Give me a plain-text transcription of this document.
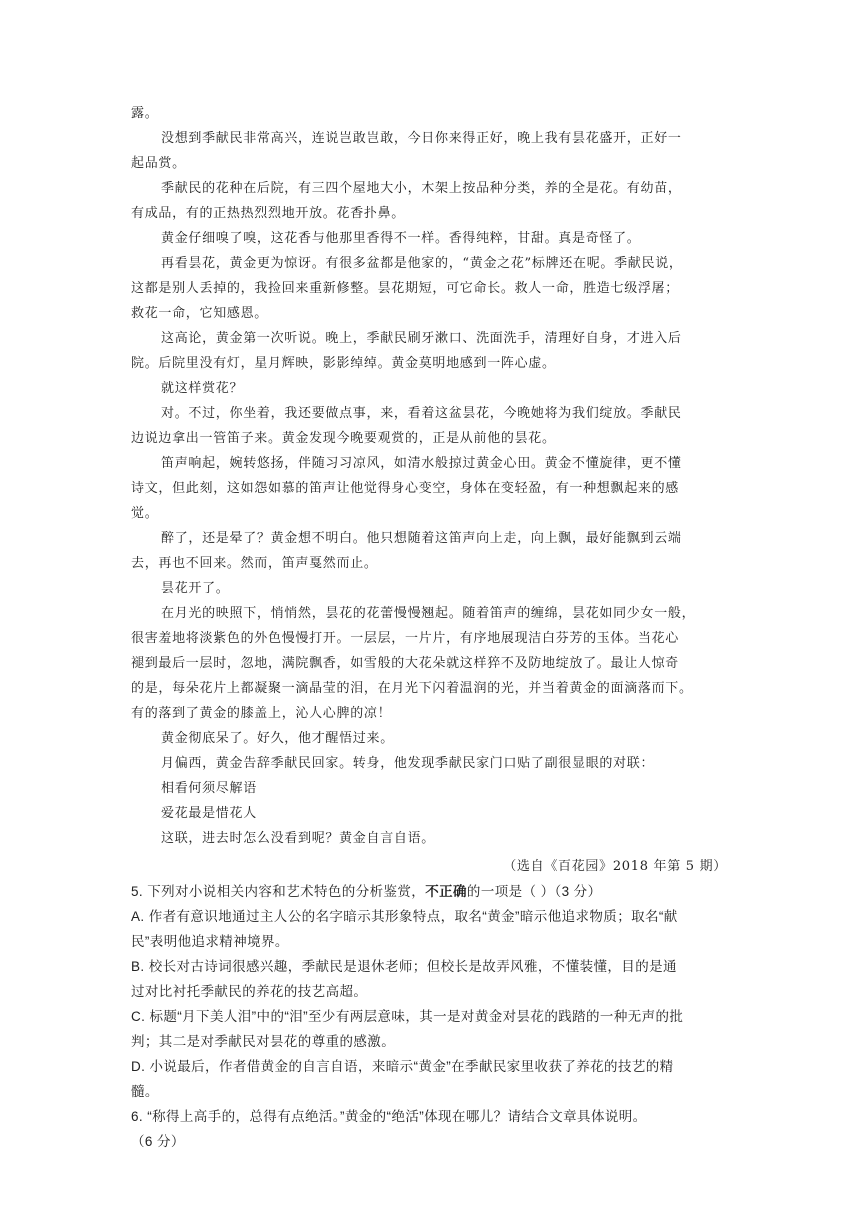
露。
没想到季献民非常高兴，连说岂敢岂敢，今日你来得正好，晚上我有昙花盛开，正好一
起品赏。
季献民的花种在后院，有三四个屋地大小，木架上按品种分类，养的全是花。有幼苗，
有成品，有的正热热烈烈地开放。花香扑鼻。
黄金仔细嗅了嗅，这花香与他那里香得不一样。香得纯粹，甘甜。真是奇怪了。
再看昙花，黄金更为惊讶。有很多盆都是他家的，“黄金之花”标牌还在呢。季献民说，
这都是别人丢掉的，我捡回来重新修整。昙花期短，可它命长。救人一命，胜造七级浮屠；
救花一命，它知感恩。
这高论，黄金第一次听说。晚上，季献民刷牙漱口、洗面洗手，清理好自身，才进入后
院。后院里没有灯，星月辉映，影影绰绰。黄金莫明地感到一阵心虚。
就这样赏花？
对。不过，你坐着，我还要做点事，来，看着这盆昙花，今晚她将为我们绽放。季献民
边说边拿出一管笛子来。黄金发现今晚要观赏的，正是从前他的昙花。
笛声响起，婉转悠扬，伴随习习凉风，如清水般掠过黄金心田。黄金不懂旋律，更不懂
诗文，但此刻，这如怨如慕的笛声让他觉得身心变空，身体在变轻盈，有一种想飘起来的感
觉。
醉了，还是晕了？黄金想不明白。他只想随着这笛声向上走，向上飘，最好能飘到云端
去，再也不回来。然而，笛声戛然而止。
昙花开了。
在月光的映照下，悄悄然，昙花的花蕾慢慢翘起。随着笛声的缠绵，昙花如同少女一般，
很害羞地将淡紫色的外色慢慢打开。一层层，一片片，有序地展现洁白芬芳的玉体。当花心
褪到最后一层时，忽地，满院飘香，如雪般的大花朵就这样猝不及防地绽放了。最让人惊奇
的是，每朵花片上都凝聚一滴晶莹的泪，在月光下闪着温润的光，并当着黄金的面滴落而下。
有的落到了黄金的膝盖上，沁人心脾的凉！
黄金彻底呆了。好久，他才醒悟过来。
月偏西，黄金告辞季献民回家。转身，他发现季献民家门口贴了副很显眼的对联：
相看何须尽解语
爱花最是惜花人
这联，进去时怎么没看到呢？黄金自言自语。
（选自《百花园》2018 年第 5 期）
5. 下列对小说相关内容和艺术特色的分析鉴赏，不正确的一项是（ ）（3 分）
A. 作者有意识地通过主人公的名字暗示其形象特点，取名“黄金”暗示他追求物质；取名“献
民”表明他追求精神境界。
B. 校长对古诗词很感兴趣，季献民是退休老师；但校长是故弄风雅，不懂装懂，目的是通
过对比衬托季献民的养花的技艺高超。
C. 标题“月下美人泪”中的“泪”至少有两层意味，其一是对黄金对昙花的践踏的一种无声的批
判；其二是对季献民对昙花的尊重的感激。
D. 小说最后，作者借黄金的自言自语，来暗示“黄金”在季献民家里收获了养花的技艺的精
髓。
6. “称得上高手的，总得有点绝活。”黄金的“绝活”体现在哪儿？请结合文章具体说明。
（6 分）
